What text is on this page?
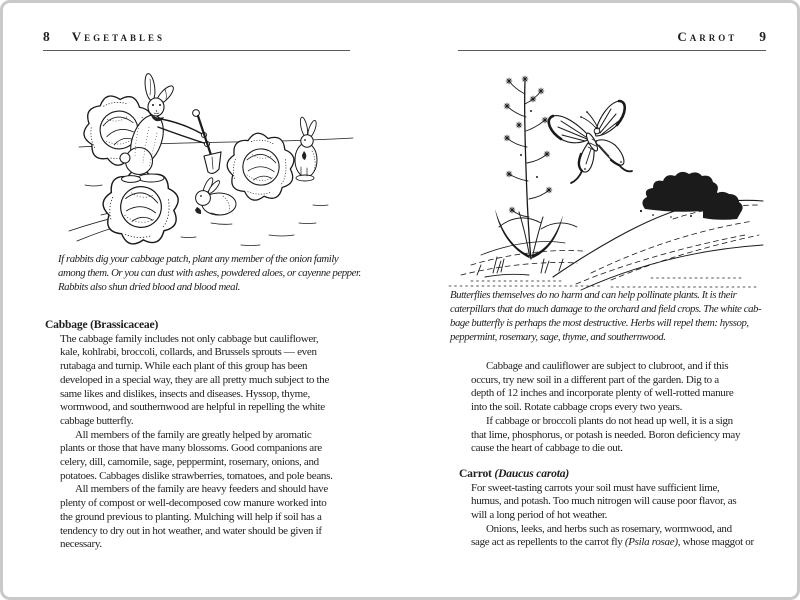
8 Vegetables

If rabbits dig your cabbage patch, plant any member of the onion family
among them. Or you can dust with ashes, powdered aloes, or cayenne pepper.
Rabbits also shun dried blood and blood meal.

Cabbage (Brassicaceae)

The cabbage family includes not only cabbage but cauliflower,
kale, kohlrabi, broccoli, collards, and Brussels sprouts — even
rutabaga and turnip. While each plant of this group has been
developed in a special way, they are all pretty much subject to the
same likes and dislikes, insects and diseases. Hyssop, thyme,
wormwood, and southernwood are helpful in repelling the white
cabbage butterfly.

All members of the family are greatly helped by aromatic
plants or those that have many blossoms. Good companions are
celery, dill, camomile, sage, peppermint, rosemary, onions, and
potatoes. Cabbages dislike strawberries, tomatoes, and pole beans.

All members of the family are heavy feeders and should have
plenty of compost or well-decomposed cow manure worked into
the ground previous to planting. Mulching will help if soil has a
tendency to dry out in hot weather, and water should be given if
necessary.

Carrot 9

Butterflies themselves do no harm and can help pollinate plants. It is their
caterpillars that do much damage to the orchard and field crops. The white cab-
bage butterfly is perhaps the most destructive. Herbs will repel them: hyssop,
peppermint, rosemary, sage, thyme, and southernwood.

Cabbage and cauliflower are subject to clubroot, and if this
occurs, try new soil in a different part of the garden. Dig to a
depth of 12 inches and incorporate plenty of well-rotted manure
into the soil. Rotate cabbage crops every two years.

If cabbage or broccoli plants do not head up well, it is a sign
that lime, phosphorus, or potash is needed. Boron deficiency may
cause the heart of cabbage to die out.

Carrot (Daucus carota)

For sweet-tasting carrots your soil must have sufficient lime,
humus, and potash. Too much nitrogen will cause poor flavor, as
will a long period of hot weather.

Onions, leeks, and herbs such as rosemary, wormwood, and
sage act as repellents to the carrot fly (Psila rosae), whose maggot or
